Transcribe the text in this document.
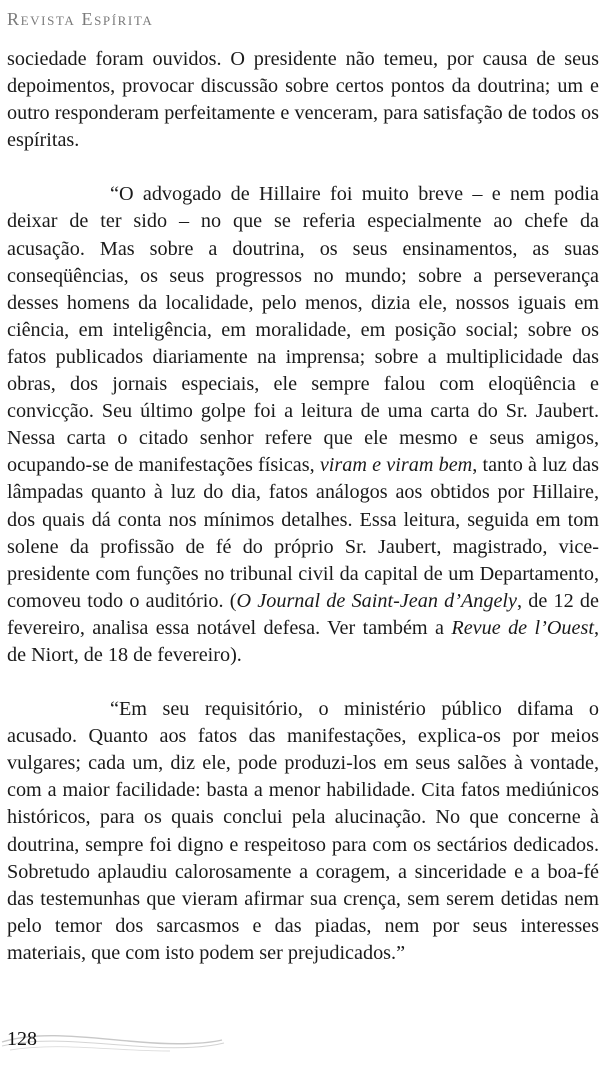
Revista Espírita

sociedade foram ouvidos. O presidente não temeu, por causa de seus depoimentos, provocar discussão sobre certos pontos da doutrina; um e outro responderam perfeitamente e venceram, para satisfação de todos os espíritas.

“O advogado de Hillaire foi muito breve – e nem podia deixar de ter sido – no que se referia especialmente ao chefe da acusação. Mas sobre a doutrina, os seus ensinamentos, as suas conseqüências, os seus progressos no mundo; sobre a perseverança desses homens da localidade, pelo menos, dizia ele, nossos iguais em ciência, em inteligência, em moralidade, em posição social; sobre os fatos publicados diariamente na imprensa; sobre a multiplicidade das obras, dos jornais especiais, ele sempre falou com eloqüência e convicção. Seu último golpe foi a leitura de uma carta do Sr. Jaubert. Nessa carta o citado senhor refere que ele mesmo e seus amigos, ocupando-se de manifestações físicas, viram e viram bem, tanto à luz das lâmpadas quanto à luz do dia, fatos análogos aos obtidos por Hillaire, dos quais dá conta nos mínimos detalhes. Essa leitura, seguida em tom solene da profissão de fé do próprio Sr. Jaubert, magistrado, vice-presidente com funções no tribunal civil da capital de um Departamento, comoveu todo o auditório. (O Journal de Saint-Jean d’Angely, de 12 de fevereiro, analisa essa notável defesa. Ver também a Revue de l’Ouest, de Niort, de 18 de fevereiro).

“Em seu requisitório, o ministério público difama o acusado. Quanto aos fatos das manifestações, explica-os por meios vulgares; cada um, diz ele, pode produzi-los em seus salões à vontade, com a maior facilidade: basta a menor habilidade. Cita fatos mediúnicos históricos, para os quais conclui pela alucinação. No que concerne à doutrina, sempre foi digno e respeitoso para com os sectários dedicados. Sobretudo aplaudiu calorosamente a coragem, a sinceridade e a boa-fé das testemunhas que vieram afirmar sua crença, sem serem detidas nem pelo temor dos sarcasmos e das piadas, nem por seus interesses materiais, que com isto podem ser prejudicados.”

128
